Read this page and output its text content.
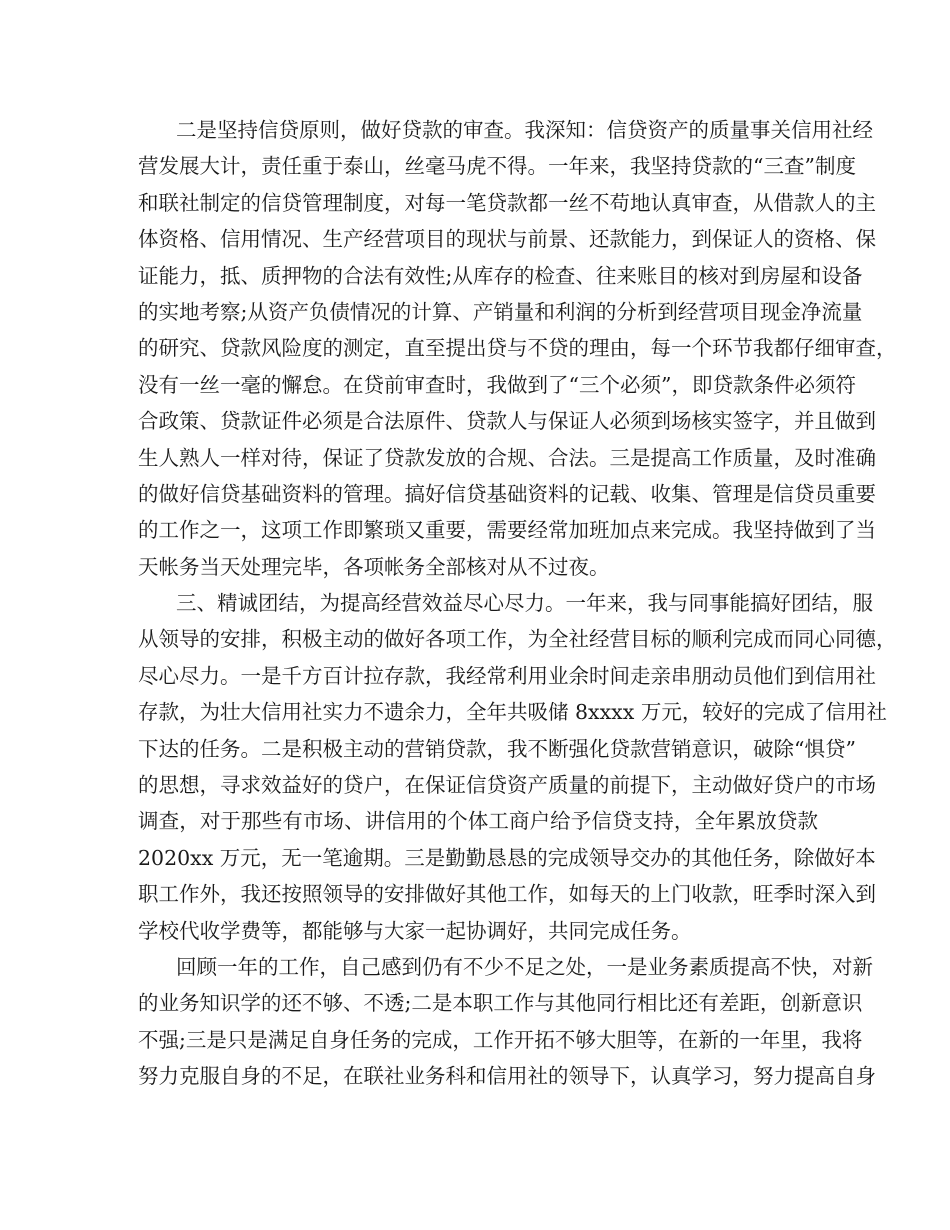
二是坚持信贷原则，做好贷款的审查。我深知：信贷资产的质量事关信用社经
营发展大计，责任重于泰山，丝毫马虎不得。一年来，我坚持贷款的“三查”制度
和联社制定的信贷管理制度，对每一笔贷款都一丝不苟地认真审查，从借款人的主
体资格、信用情况、生产经营项目的现状与前景、还款能力，到保证人的资格、保
证能力，抵、质押物的合法有效性;从库存的检查、往来账目的核对到房屋和设备
的实地考察;从资产负债情况的计算、产销量和利润的分析到经营项目现金净流量
的研究、贷款风险度的测定，直至提出贷与不贷的理由，每一个环节我都仔细审查，
没有一丝一毫的懈怠。在贷前审查时，我做到了“三个必须”，即贷款条件必须符
合政策、贷款证件必须是合法原件、贷款人与保证人必须到场核实签字，并且做到
生人熟人一样对待，保证了贷款发放的合规、合法。三是提高工作质量，及时准确
的做好信贷基础资料的管理。搞好信贷基础资料的记载、收集、管理是信贷员重要
的工作之一，这项工作即繁琐又重要，需要经常加班加点来完成。我坚持做到了当
天帐务当天处理完毕，各项帐务全部核对从不过夜。
三、精诚团结，为提高经营效益尽心尽力。一年来，我与同事能搞好团结，服
从领导的安排，积极主动的做好各项工作，为全社经营目标的顺利完成而同心同德，
尽心尽力。一是千方百计拉存款，我经常利用业余时间走亲串朋动员他们到信用社
存款，为壮大信用社实力不遗余力，全年共吸储 8xxxx 万元，较好的完成了信用社
下达的任务。二是积极主动的营销贷款，我不断强化贷款营销意识，破除“惧贷”
的思想，寻求效益好的贷户，在保证信贷资产质量的前提下，主动做好贷户的市场
调查，对于那些有市场、讲信用的个体工商户给予信贷支持，全年累放贷款
2020xx 万元，无一笔逾期。三是勤勤恳恳的完成领导交办的其他任务，除做好本
职工作外，我还按照领导的安排做好其他工作，如每天的上门收款，旺季时深入到
学校代收学费等，都能够与大家一起协调好，共同完成任务。
回顾一年的工作，自己感到仍有不少不足之处，一是业务素质提高不快，对新
的业务知识学的还不够、不透;二是本职工作与其他同行相比还有差距，创新意识
不强;三是只是满足自身任务的完成，工作开拓不够大胆等，在新的一年里，我将
努力克服自身的不足，在联社业务科和信用社的领导下，认真学习，努力提高自身
